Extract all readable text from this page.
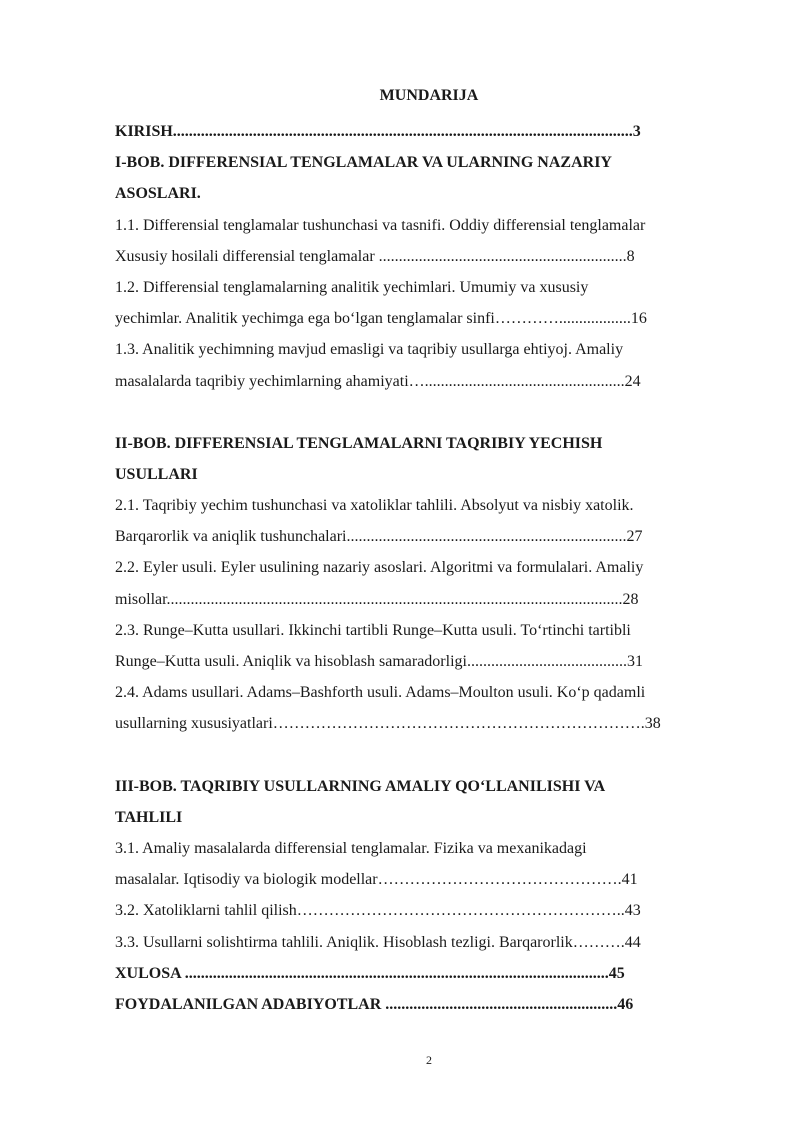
MUNDARIJA
KIRISH...................................................................................................................3
I-BOB. DIFFERENSIAL TENGLAMALAR VA ULARNING NAZARIY
ASOSLARI.
1.1. Differensial tenglamalar tushunchasi va tasnifi. Oddiy differensial tenglamalar
Xususiy hosilali differensial tenglamalar ..............................................................8
1.2. Differensial tenglamalarning analitik yechimlari. Umumiy va xususiy
yechimlar. Analitik yechimga ega bo‘lgan tenglamalar sinfi…………..................16
1.3. Analitik yechimning mavjud emasligi va taqribiy usullarga ehtiyoj. Amaliy
masalalarda taqribiy yechimlarning ahamiyati…..................................................24
II-BOB. DIFFERENSIAL TENGLAMALARNI TAQRIBIY YECHISH
USULLARI
2.1. Taqribiy yechim tushunchasi va xatoliklar tahlili. Absolyut va nisbiy xatolik.
Barqarorlik va aniqlik tushunchalari......................................................................27
2.2. Eyler usuli. Eyler usulining nazariy asoslari. Algoritmi va formulalari. Amaliy
misollar..................................................................................................................28
2.3. Runge–Kutta usullari. Ikkinchi tartibli Runge–Kutta usuli. To‘rtinchi tartibli
Runge–Kutta usuli. Aniqlik va hisoblash samaradorligi........................................31
2.4. Adams usullari. Adams–Bashforth usuli. Adams–Moulton usuli. Ko‘p qadamli
usullarning xususiyatlari…………………………………………………………….38
III-BOB. TAQRIBIY USULLARNING AMALIY QO‘LLANILISHI VA
TAHLILI
3.1. Amaliy masalalarda differensial tenglamalar. Fizika va mexanikadagi
masalalar. Iqtisodiy va biologik modellar……………………………………….41
3.2. Xatoliklarni tahlil qilish……………………………………………………..43
3.3. Usullarni solishtirma tahlili. Aniqlik. Hisoblash tezligi. Barqarorlik……….44
XULOSA ..........................................................................................................45
FOYDALANILGAN ADABIYOTLAR ..........................................................46
2
